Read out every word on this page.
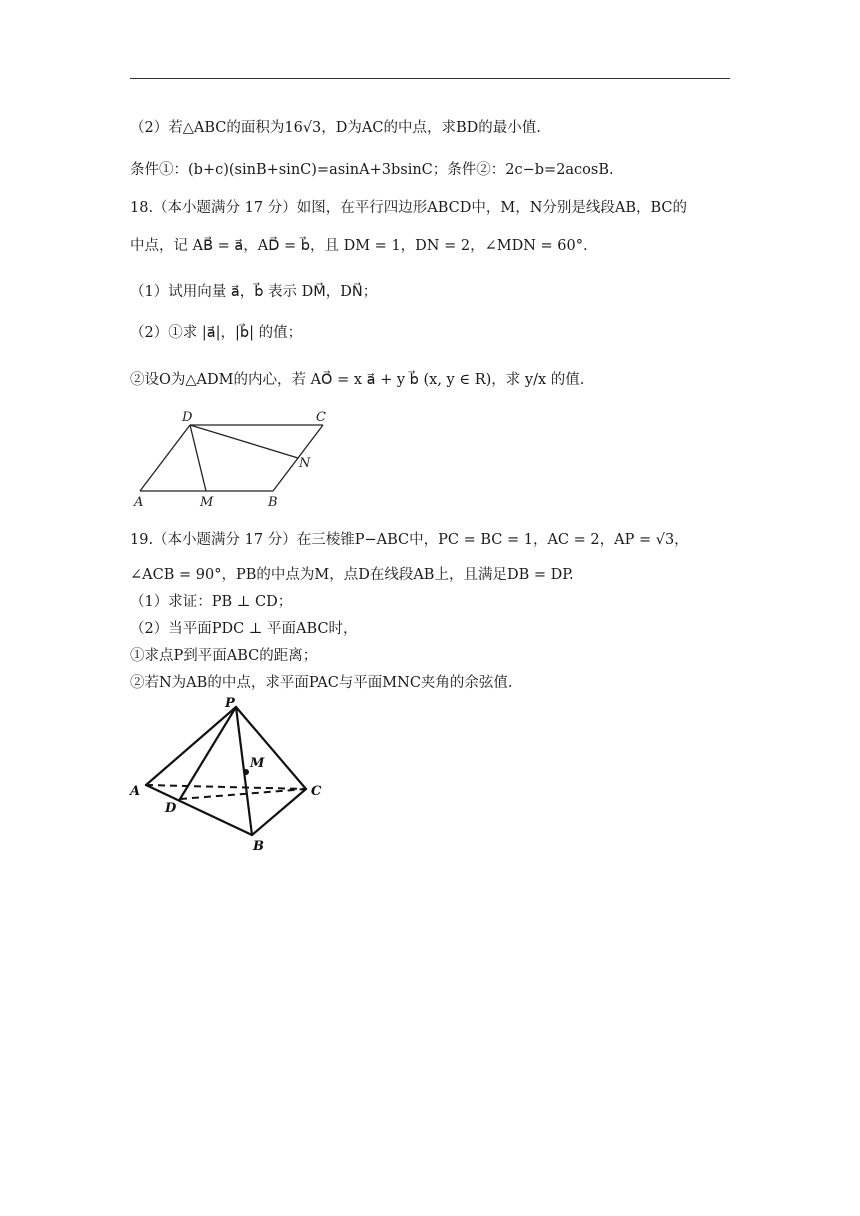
（2）若△ABC的面积为16√3，D为AC的中点，求BD的最小值.
条件①：(b+c)(sinB+sinC)=asinA+3bsinC；条件②：2c−b=2acosB.
18.（本小题满分 17 分）如图，在平行四边形ABCD中，M，N分别是线段AB，BC的
中点，记 AB⃗ = a⃗，AD⃗ = b⃗，且 DM = 1，DN = 2，∠MDN = 60°.
（1）试用向量 a⃗，b⃗ 表示 DM⃗，DN⃗；
（2）①求 |a⃗|，|b⃗| 的值；
②设O为△ADM的内心，若 AO⃗ = x a⃗ + y b⃗ (x, y ∈ R)，求 y/x 的值.
A	M	B
D	C
N
19.（本小题满分 17 分）在三棱锥P−ABC中，PC = BC = 1，AC = 2，AP = √3，
∠ACB = 90°，PB的中点为M，点D在线段AB上，且满足DB = DP.
（1）求证：PB ⊥ CD；
（2）当平面PDC ⊥ 平面ABC时，
①求点P到平面ABC的距离；
②若N为AB的中点，求平面PAC与平面MNC夹角的余弦值.
P
M
A
D
C
B
